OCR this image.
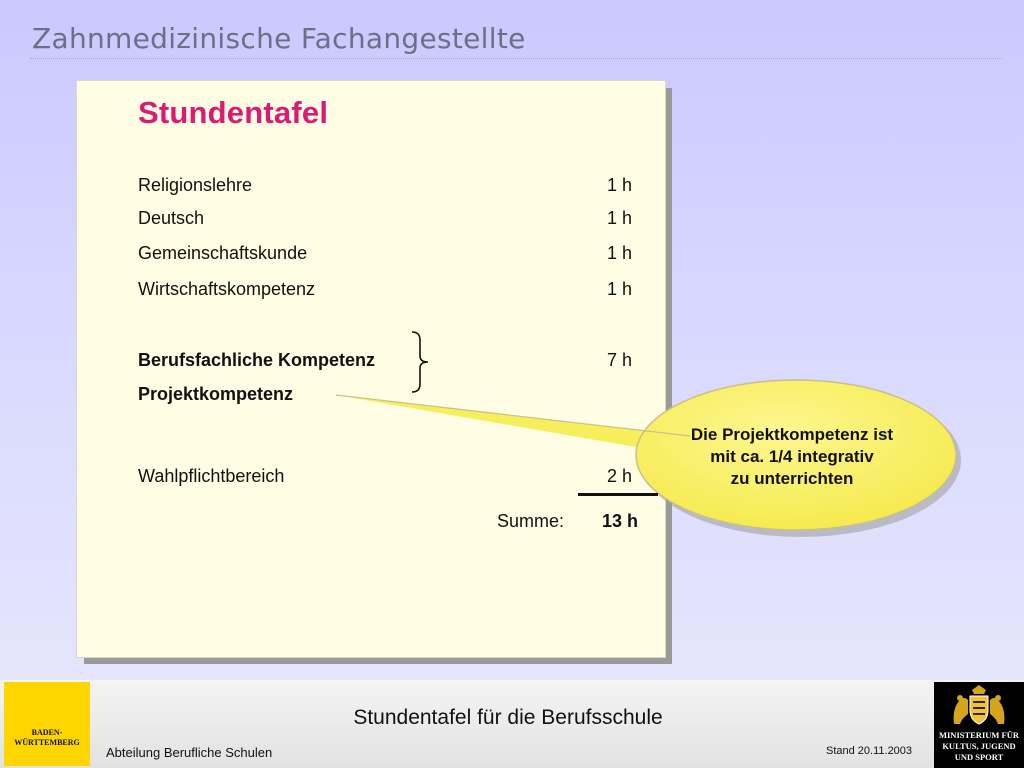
Zahnmedizinische Fachangestellte
Stundentafel
Religionslehre	1 h
Deutsch	1 h
Gemeinschaftskunde	1 h
Wirtschaftskompetenz	1 h
Berufsfachliche Kompetenz	7 h
Projektkompetenz
Die Projektkompetenz ist
mit ca. 1/4 integrativ
zu unterrichten
Wahlpflichtbereich	2 h
Summe:	13 h
BADEN-
WÜRTTEMBERG
Stundentafel für die Berufsschule
Abteilung Berufliche Schulen	Stand 20.11.2003
MINISTERIUM FÜR
KULTUS, JUGEND
UND SPORT
